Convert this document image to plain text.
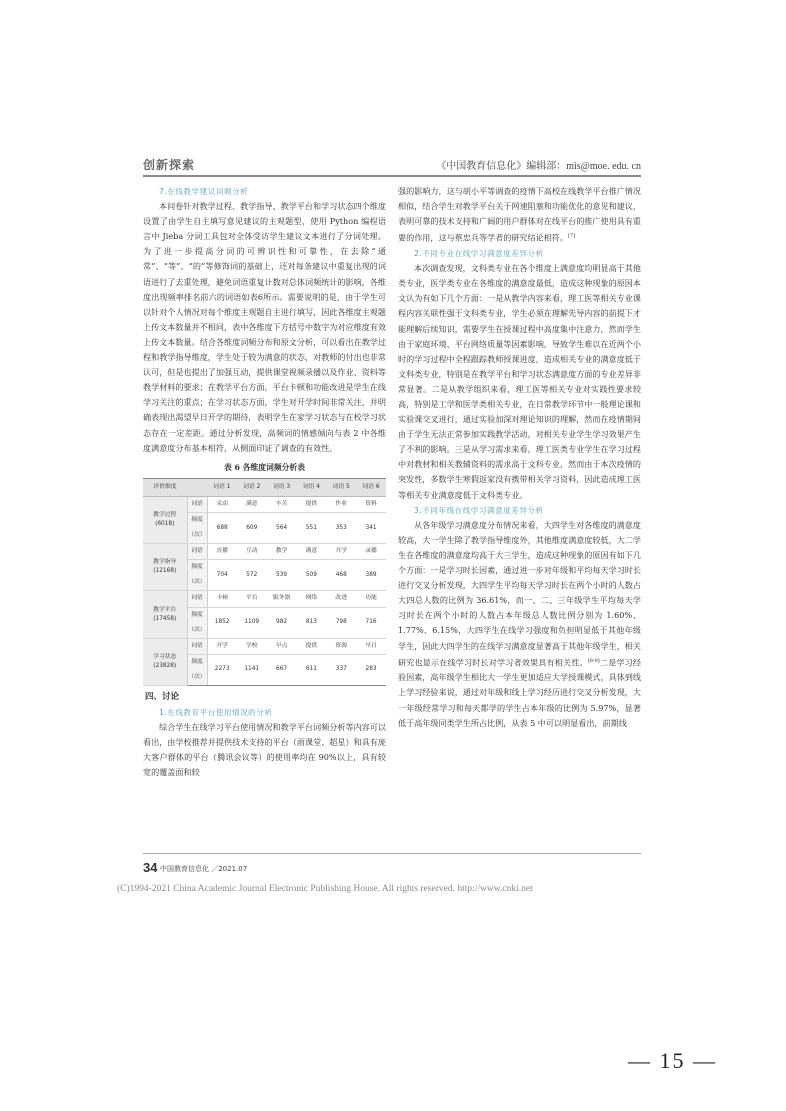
创新探索	《中国教育信息化》编辑部：mis@moe. edu. cn
7.在线教学建议词频分析

本问卷针对教学过程、教学指导、教学平台和学习状态四个维度设置了由学生自主填写意见建议的主观题型，使用 Python 编程语言中 Jieba 分词工具包对全体受访学生建议文本进行了分词处理。为了进一步提高分词的可辨识性和可靠性，在去除“通常”、“等”、“的”等修饰词的基础上，还对每条建议中重复出现的词语进行了去重处理，避免词语重复计数对总体词频统计的影响，各维度出现频率排名前六的词语如表6所示。需要说明的是，由于学生可以针对个人情况对每个维度主观题自主进行填写，因此各维度主观题上传文本数量并不相同，表中各维度下方括号中数字为对应维度有效上传文本数量。结合各维度词频分布和原文分析，可以看出在教学过程和教学指导维度，学生处于较为满意的状态，对教师的付出也非常认可，但是也提出了加强互动，提供课堂视频录播以及作业、资料等教学材料的要求；在教学平台方面，平台卡顿和功能改进是学生在线学习关注的重点；在学习状态方面，学生对开学时间非常关注，并明确表现出渴望早日开学的期待，表明学生在家学习状态与在校学习状态存在一定差距。通过分析发现，高频词的情感倾向与表 2 中各维度满意度分布基本相符，从侧面印证了调查的有效性。

表 6 各维度词频分析表
评价维度		词语 1	词语 2	词语 3	词语 4	词语 5	词语 6

教学过程
(6018)	词语	采动	满意	辛苦	提供	作业	资料
	频度（次）	688	609	564	551	353	341

教学指导
(12168)	词语	直播	互动	教学	满意	开学	录播
	频度（次）	704	572	539	509	468	389

教学平台
(17458)	词语	卡顿	平台	服务器	网络	改进	功能
	频度（次）	1852	1109	982	813	798	716

学习状态
(23828)	词语	开学	学校	早点	提供	资源	早日
	频度（次）	2273	1141	667	611	337	283
四、讨论
1.在线教育平台使用情况的分析

综合学生在线学习平台使用情况和教学平台词频分析等内容可以看出，由学校推荐并提供技术支持的平台（雨课堂、超星）和具有庞大客户群体的平台（腾讯会议等）的使用率均在 90%以上，具有较宽的覆盖面和较

强的影响力，这与胡小平等调查的疫情下高校在线教学平台推广情况相似，结合学生对教学平台关于网速阻塞和功能优化的意见和建议，表明可靠的技术支持和广阔的用户群体对在线平台的推广使用具有重要的作用，这与蔡忠兵等学者的研究结论相符。[7]

2.不同专业在线学习满意度差异分析

本次调查发现，文科类专业在各个维度上满意度均明显高于其他类专业，医学类专业在各维度的满意度最低，造成这种现象的原因本文认为有如下几个方面：一是从教学内容来看，理工医等相关专业课程内容关联性强于文科类专业，学生必须在理解先导内容的前提下才能理解后续知识，需要学生在授课过程中高度集中注意力，然而学生由于家庭环境、平台网络质量等因素影响，导致学生难以在近两个小时的学习过程中全程跟踪教师授课进度，造成相关专业的满意度低于文科类专业，特别是在教学平台和学习状态满意度方面的专业差异非常显著。二是从教学组织来看，理工医等相关专业对实践性要求较高，特别是工学和医学类相关专业，在日常教学环节中一般理论课和实验课交叉进行，通过实验加深对理论知识的理解，然而在疫情期间由于学生无法正常参加实践教学活动，对相关专业学生学习效果产生了不利的影响。三是从学习需求来看，理工医类专业学生在学习过程中对教材和相关教辅资料的需求高于文科专业，然而由于本次疫情的突发性，多数学生寒假返家没有携带相关学习资料，因此造成理工医等相关专业满意度低于文科类专业。

3.不同年级在线学习满意度差异分析

从各年级学习满意度分布情况来看，大四学生对各维度的满意度较高，大一学生除了教学指导维度外，其他维度满意度较低，大二学生在各维度的满意度均高于大三学生，造成这种现象的原因有如下几个方面：一是学习时长因素，通过进一步对年级和平均每天学习时长进行交叉分析发现，大四学生平均每天学习时长在两个小时的人数占大四总人数的比例为 36.61%，而一、二、三年级学生平均每天学习时长在两个小时的人数占本年级总人数比例分别为 1.60%、1.77%、6.15%，大四学生在线学习强度和负担明显低于其他年级学生，因此大四学生的在线学习满意度显著高于其他年级学生，相关研究也显示在线学习时长对学习者效果具有相关性。[8-9]二是学习经验因素，高年级学生相比大一学生更加适应大学授课模式，具体到线上学习经验来说，通过对年级和线上学习经历进行交叉分析发现，大一年级经常学习和每天都学的学生占本年级的比例为 5.97%，显著低于高年级同类学生所占比例，从表 5 中可以明显看出，前期线

34 中国教育信息化 ／2021.07
(C)1994-2021 China Academic Journal Electronic Publishing House. All rights reserved. http://www.cnki.net
— 15 —
